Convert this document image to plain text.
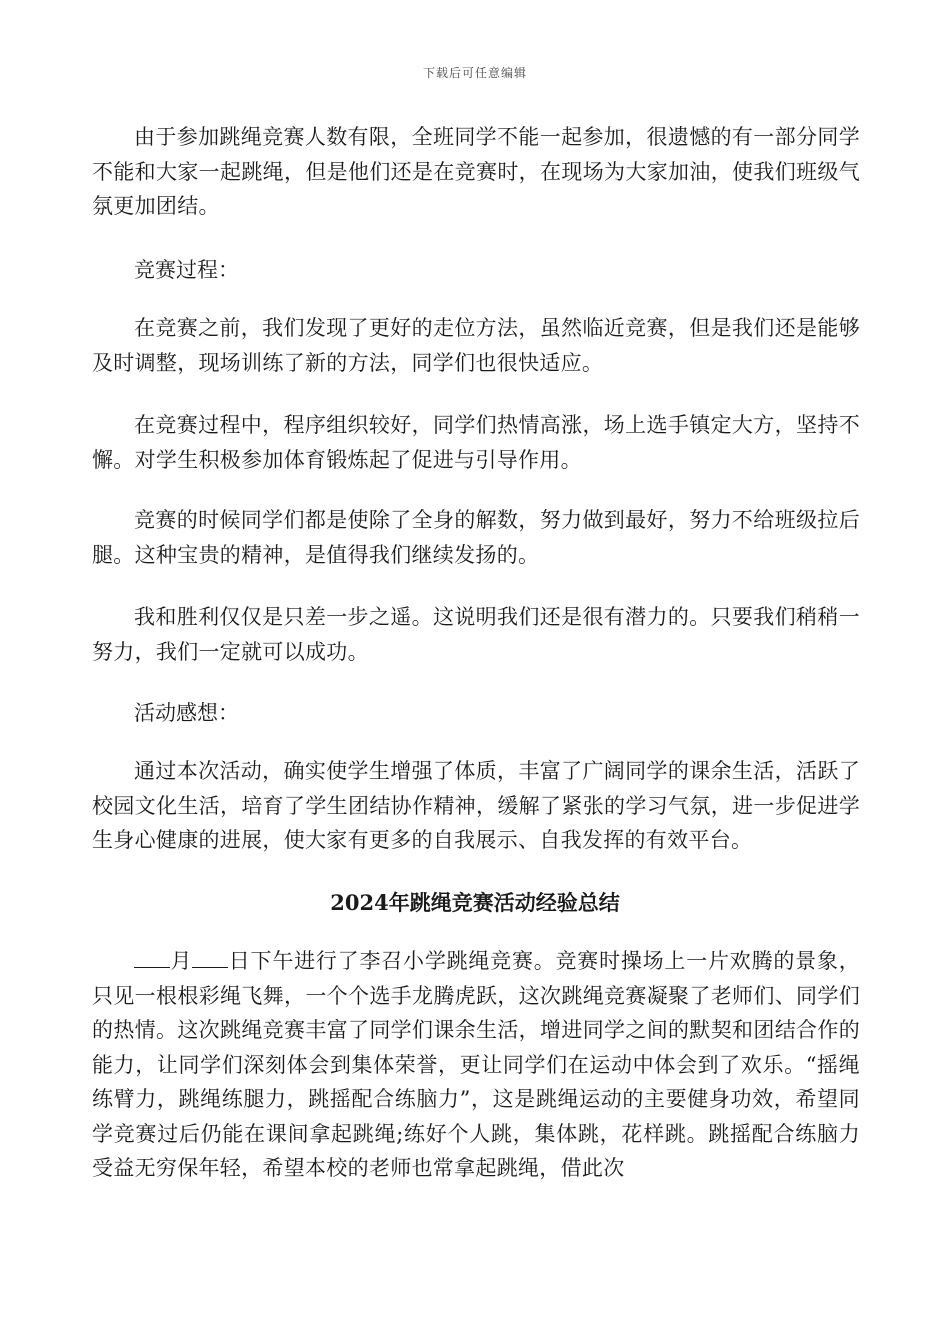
下载后可任意编辑

由于参加跳绳竞赛人数有限，全班同学不能一起参加，很遗憾的有一部分同学不能和大家一起跳绳，但是他们还是在竞赛时，在现场为大家加油，使我们班级气氛更加团结。

竞赛过程：

在竞赛之前，我们发现了更好的走位方法，虽然临近竞赛，但是我们还是能够及时调整，现场训练了新的方法，同学们也很快适应。

在竞赛过程中，程序组织较好，同学们热情高涨，场上选手镇定大方，坚持不懈。对学生积极参加体育锻炼起了促进与引导作用。

竞赛的时候同学们都是使除了全身的解数，努力做到最好，努力不给班级拉后腿。这种宝贵的精神，是值得我们继续发扬的。

我和胜利仅仅是只差一步之遥。这说明我们还是很有潜力的。只要我们稍稍一努力，我们一定就可以成功。

活动感想：

通过本次活动，确实使学生增强了体质，丰富了广阔同学的课余生活，活跃了校园文化生活，培育了学生团结协作精神，缓解了紧张的学习气氛，进一步促进学生身心健康的进展，使大家有更多的自我展示、自我发挥的有效平台。

2024年跳绳竞赛活动经验总结

月 日下午进行了李召小学跳绳竞赛。竞赛时操场上一片欢腾的景象，只见一根根彩绳飞舞，一个个选手龙腾虎跃，这次跳绳竞赛凝聚了老师们、同学们的热情。这次跳绳竞赛丰富了同学们课余生活，增进同学之间的默契和团结合作的能力，让同学们深刻体会到集体荣誉，更让同学们在运动中体会到了欢乐。“摇绳练臂力，跳绳练腿力，跳摇配合练脑力”，这是跳绳运动的主要健身功效，希望同学竞赛过后仍能在课间拿起跳绳;练好个人跳，集体跳，花样跳。跳摇配合练脑力受益无穷保年轻，希望本校的老师也常拿起跳绳，借此次
